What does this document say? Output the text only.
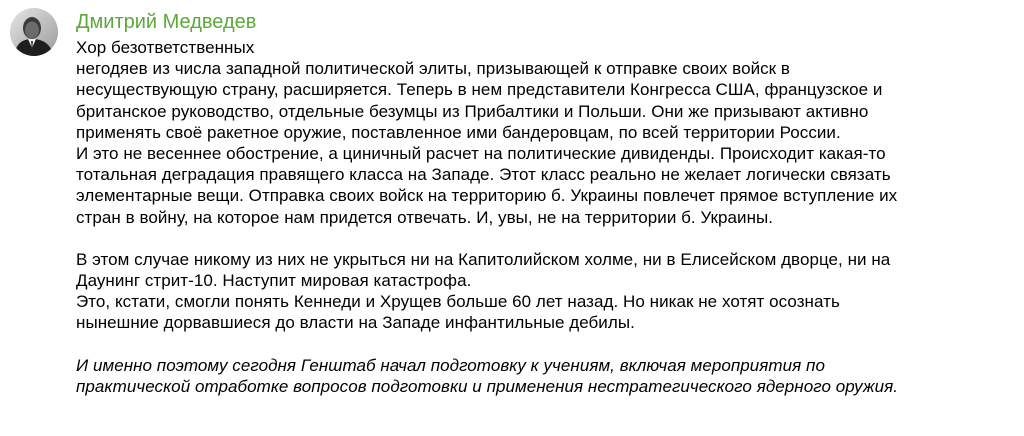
Дмитрий Медведев
Хор безответственных
негодяев из числа западной политической элиты, призывающей к отправке своих войск в
несуществующую страну, расширяется. Теперь в нем представители Конгресса США, французское и
британское руководство, отдельные безумцы из Прибалтики и Польши. Они же призывают активно
применять своё ракетное оружие, поставленное ими бандеровцам, по всей территории России.
И это не весеннее обострение, а циничный расчет на политические дивиденды. Происходит какая-то
тотальная деградация правящего класса на Западе. Этот класс реально не желает логически связать
элементарные вещи. Отправка своих войск на территорию б. Украины повлечет прямое вступление их
стран в войну, на которое нам придется отвечать. И, увы, не на территории б. Украины.
В этом случае никому из них не укрыться ни на Капитолийском холме, ни в Елисейском дворце, ни на
Даунинг стрит-10. Наступит мировая катастрофа.
Это, кстати, смогли понять Кеннеди и Хрущев больше 60 лет назад. Но никак не хотят осознать
нынешние дорвавшиеся до власти на Западе инфантильные дебилы.
И именно поэтому сегодня Генштаб начал подготовку к учениям, включая мероприятия по
практической отработке вопросов подготовки и применения нестратегического ядерного оружия.
